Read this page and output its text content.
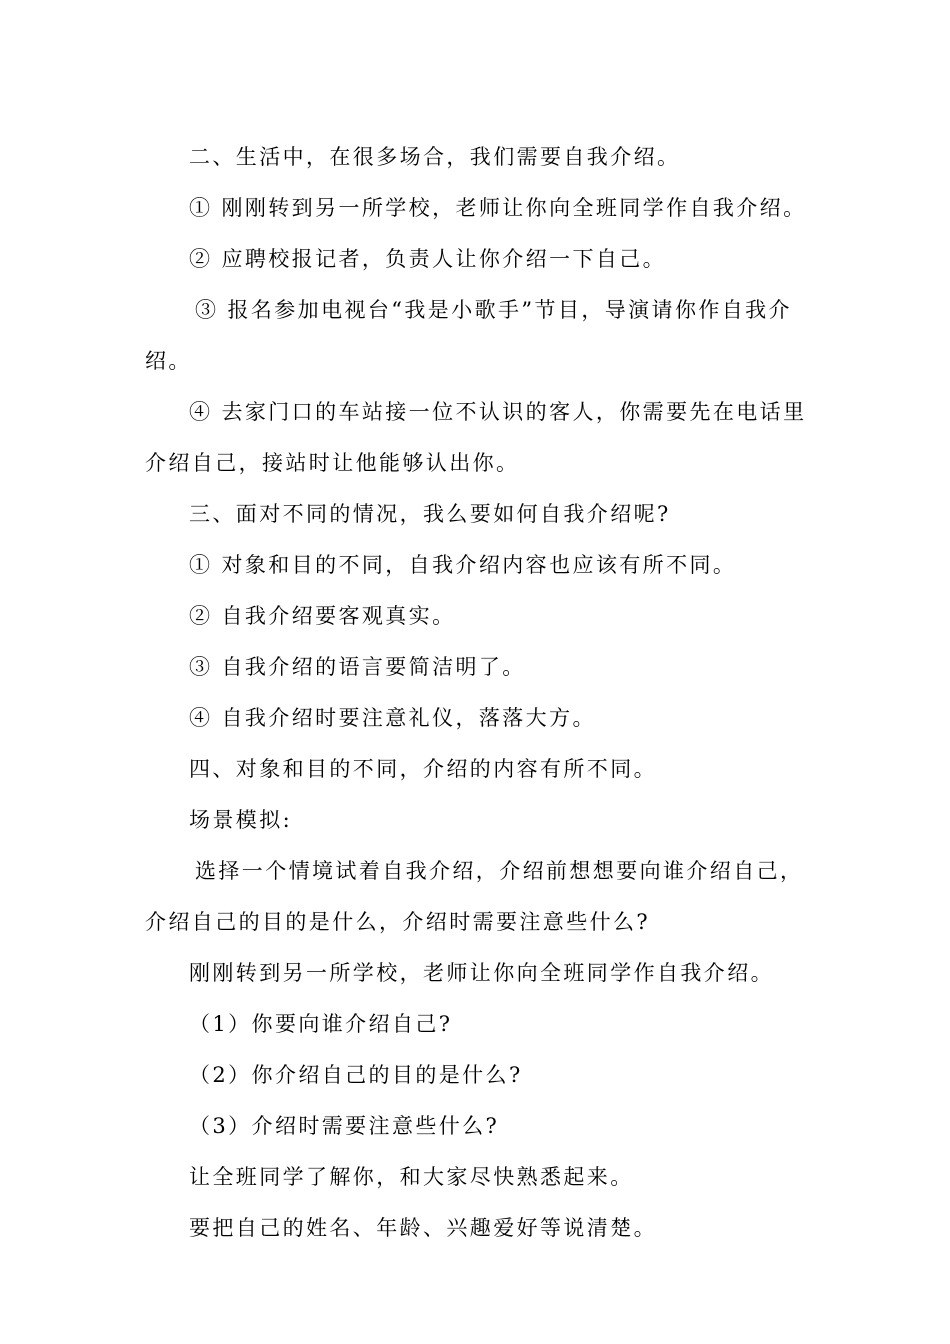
二、生活中，在很多场合，我们需要自我介绍。

① 刚刚转到另一所学校，老师让你向全班同学作自我介绍。

② 应聘校报记者，负责人让你介绍一下自己。

③ 报名参加电视台“我是小歌手”节目，导演请你作自我介绍。

④ 去家门口的车站接一位不认识的客人，你需要先在电话里介绍自己，接站时让他能够认出你。

三、面对不同的情况，我么要如何自我介绍呢?

① 对象和目的不同，自我介绍内容也应该有所不同。

② 自我介绍要客观真实。

③ 自我介绍的语言要简洁明了。

④ 自我介绍时要注意礼仪，落落大方。

四、对象和目的不同，介绍的内容有所不同。

场景模拟:

选择一个情境试着自我介绍，介绍前想想要向谁介绍自己，介绍自己的目的是什么，介绍时需要注意些什么?

刚刚转到另一所学校，老师让你向全班同学作自我介绍。

（1）你要向谁介绍自己?

（2）你介绍自己的目的是什么?

（3）介绍时需要注意些什么?

让全班同学了解你，和大家尽快熟悉起来。

要把自己的姓名、年龄、兴趣爱好等说清楚。
